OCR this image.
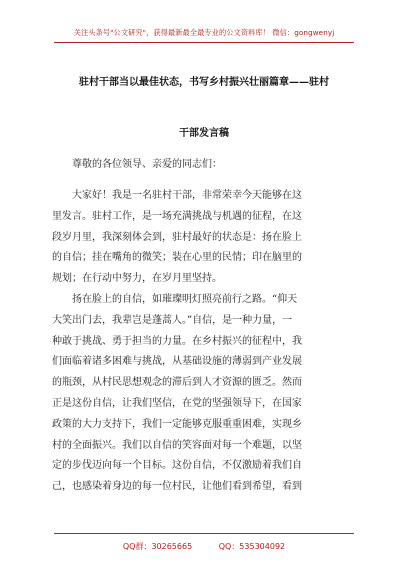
关注头条号"公文研究"，获得最新最全最专业的公文资料库！ 微信：gongwenyj
驻村干部当以最佳状态，书写乡村振兴壮丽篇章——驻村
干部发言稿
尊敬的各位领导、亲爱的同志们：
大家好！我是一名驻村干部，非常荣幸今天能够在这
里发言。驻村工作，是一场充满挑战与机遇的征程，在这
段岁月里，我深刻体会到，驻村最好的状态是：扬在脸上
的自信；挂在嘴角的微笑；装在心里的民情；印在脑里的
规划；在行动中努力，在岁月里坚持。
扬在脸上的自信，如璀璨明灯照亮前行之路。“仰天
大笑出门去，我辈岂是蓬蒿人。”自信，是一种力量，一
种敢于挑战、勇于担当的力量。在乡村振兴的征程中，我
们面临着诸多困难与挑战，从基础设施的薄弱到产业发展
的瓶颈，从村民思想观念的滞后到人才资源的匮乏。然而
正是这份自信，让我们坚信，在党的坚强领导下，在国家
政策的大力支持下，我们一定能够克服重重困难，实现乡
村的全面振兴。我们以自信的笑容面对每一个难题，以坚
定的步伐迈向每一个目标。这份自信，不仅激励着我们自
己，也感染着身边的每一位村民，让他们看到希望，看到
QQ群：30265665	QQ：535304092
